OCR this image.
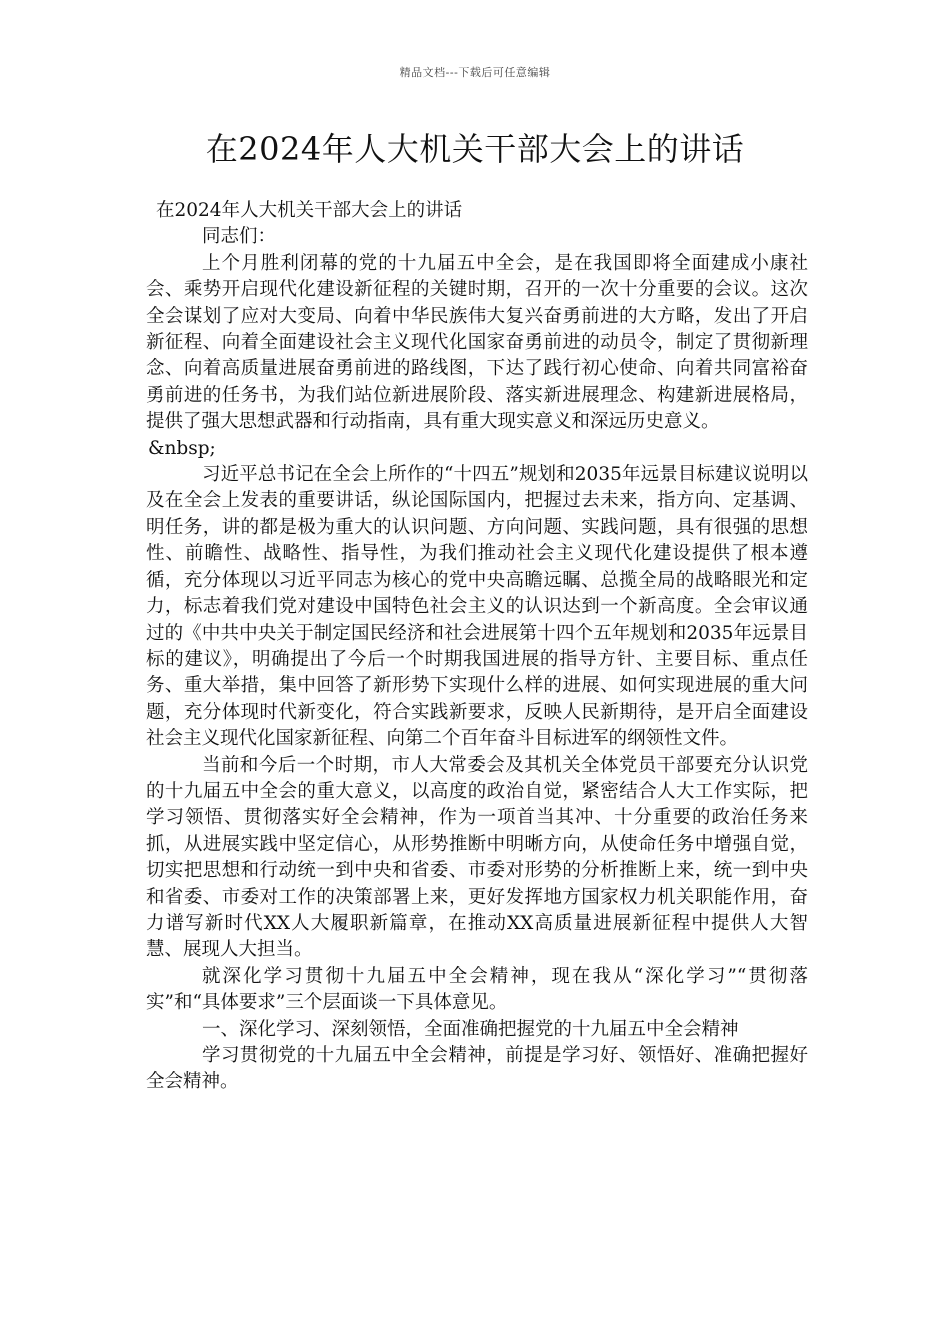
精品文档---下载后可任意编辑
在2024年人大机关干部大会上的讲话

在2024年人大机关干部大会上的讲话

同志们：

上个月胜利闭幕的党的十九届五中全会，是在我国即将全面建成小康社会、乘势开启现代化建设新征程的关键时期，召开的一次十分重要的会议。这次全会谋划了应对大变局、向着中华民族伟大复兴奋勇前进的大方略，发出了开启新征程、向着全面建设社会主义现代化国家奋勇前进的动员令，制定了贯彻新理念、向着高质量进展奋勇前进的路线图，下达了践行初心使命、向着共同富裕奋勇前进的任务书，为我们站位新进展阶段、落实新进展理念、构建新进展格局，提供了强大思想武器和行动指南，具有重大现实意义和深远历史意义。

&nbsp;

习近平总书记在全会上所作的“十四五”规划和2035年远景目标建议说明以及在全会上发表的重要讲话，纵论国际国内，把握过去未来，指方向、定基调、明任务，讲的都是极为重大的认识问题、方向问题、实践问题，具有很强的思想性、前瞻性、战略性、指导性，为我们推动社会主义现代化建设提供了根本遵循，充分体现以习近平同志为核心的党中央高瞻远瞩、总揽全局的战略眼光和定力，标志着我们党对建设中国特色社会主义的认识达到一个新高度。全会审议通过的《中共中央关于制定国民经济和社会进展第十四个五年规划和2035年远景目标的建议》，明确提出了今后一个时期我国进展的指导方针、主要目标、重点任务、重大举措，集中回答了新形势下实现什么样的进展、如何实现进展的重大问题，充分体现时代新变化，符合实践新要求，反映人民新期待，是开启全面建设社会主义现代化国家新征程、向第二个百年奋斗目标进军的纲领性文件。

当前和今后一个时期，市人大常委会及其机关全体党员干部要充分认识党的十九届五中全会的重大意义，以高度的政治自觉，紧密结合人大工作实际，把学习领悟、贯彻落实好全会精神，作为一项首当其冲、十分重要的政治任务来抓，从进展实践中坚定信心，从形势推断中明晰方向，从使命任务中增强自觉，切实把思想和行动统一到中央和省委、市委对形势的分析推断上来，统一到中央和省委、市委对工作的决策部署上来，更好发挥地方国家权力机关职能作用，奋力谱写新时代XX人大履职新篇章，在推动XX高质量进展新征程中提供人大智慧、展现人大担当。

就深化学习贯彻十九届五中全会精神，现在我从“深化学习”“贯彻落实”和“具体要求”三个层面谈一下具体意见。

一、深化学习、深刻领悟，全面准确把握党的十九届五中全会精神

学习贯彻党的十九届五中全会精神，前提是学习好、领悟好、准确把握好全会精神。
